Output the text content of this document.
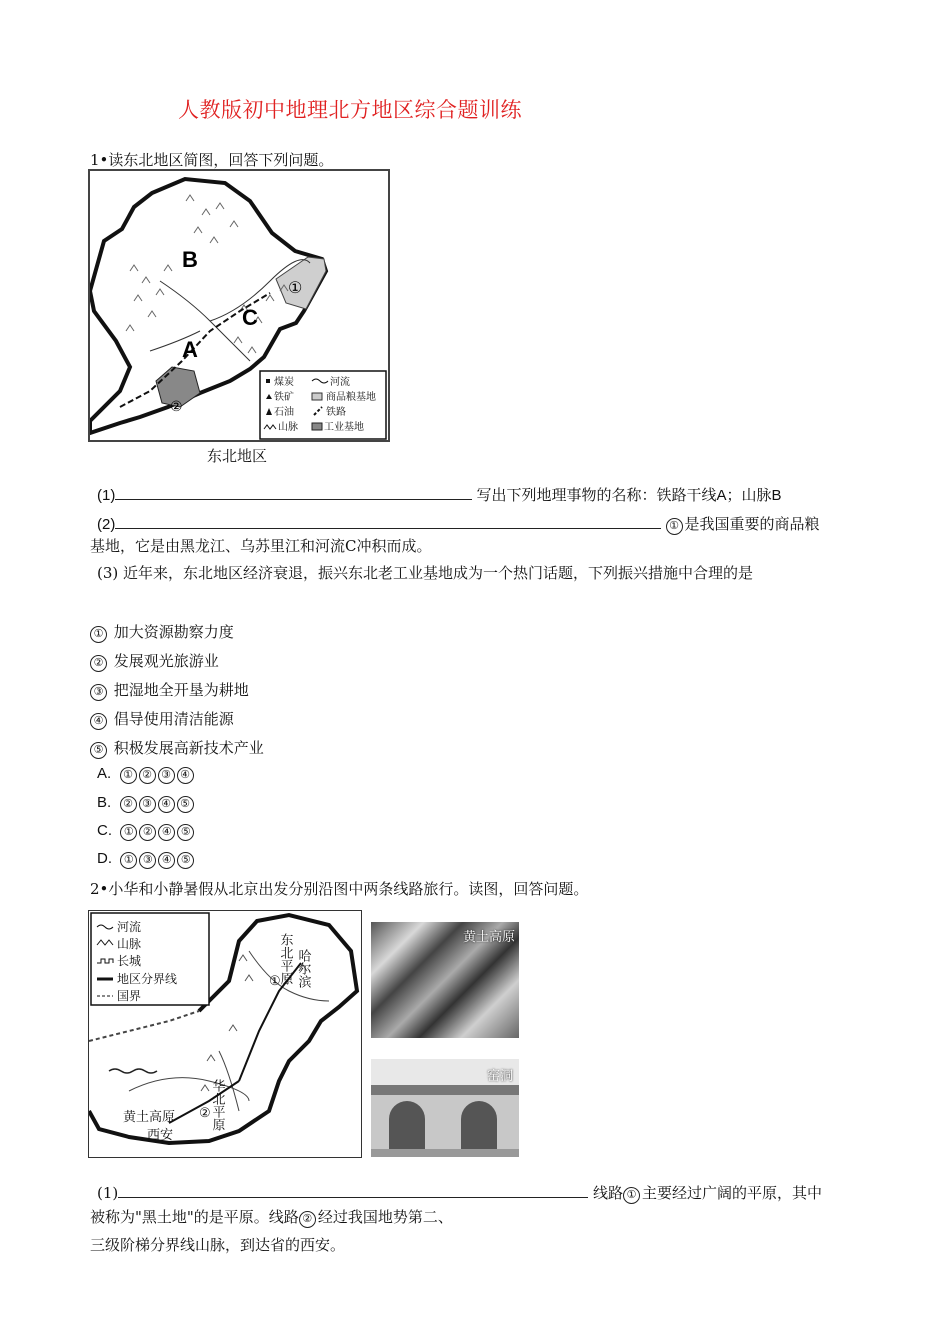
人教版初中地理北方地区综合题训练
1•读东北地区简图，回答下列问题。
B
C
A
①
②
煤炭	河流
铁矿	商品粮基地
石油	铁路
山脉	工业基地
东北地区
(1)	写出下列地理事物的名称：铁路干线A；山脉B
(2)	① 是我国重要的商品粮
基地，它是由黑龙江、乌苏里江和河流C冲积而成。
(3) 近年来，东北地区经济衰退，振兴东北老工业基地成为一个热门话题，下列振兴措施中合理的是
① 加大资源勘察力度
② 发展观光旅游业
③ 把湿地全开垦为耕地
④ 倡导使用清洁能源
⑤ 积极发展高新技术产业
A. ① ② ③ ④
B. ② ③ ④ ⑤
C. ① ② ④ ⑤
D. ① ③ ④ ⑤
2•小华和小静暑假从北京出发分别沿图中两条线路旅行。读图，回答问题。
河流
山脉
长城
地区分界线
国界
东北平原 哈尔滨
黄土高原	华北平原
西安
①
②
黄土高原
窑洞
(1)	线路 ① 主要经过广阔的平原，其中
被称为"黑土地"的是平原。线路 ② 经过我国地势第二、
三级阶梯分界线山脉，到达省的西安。
